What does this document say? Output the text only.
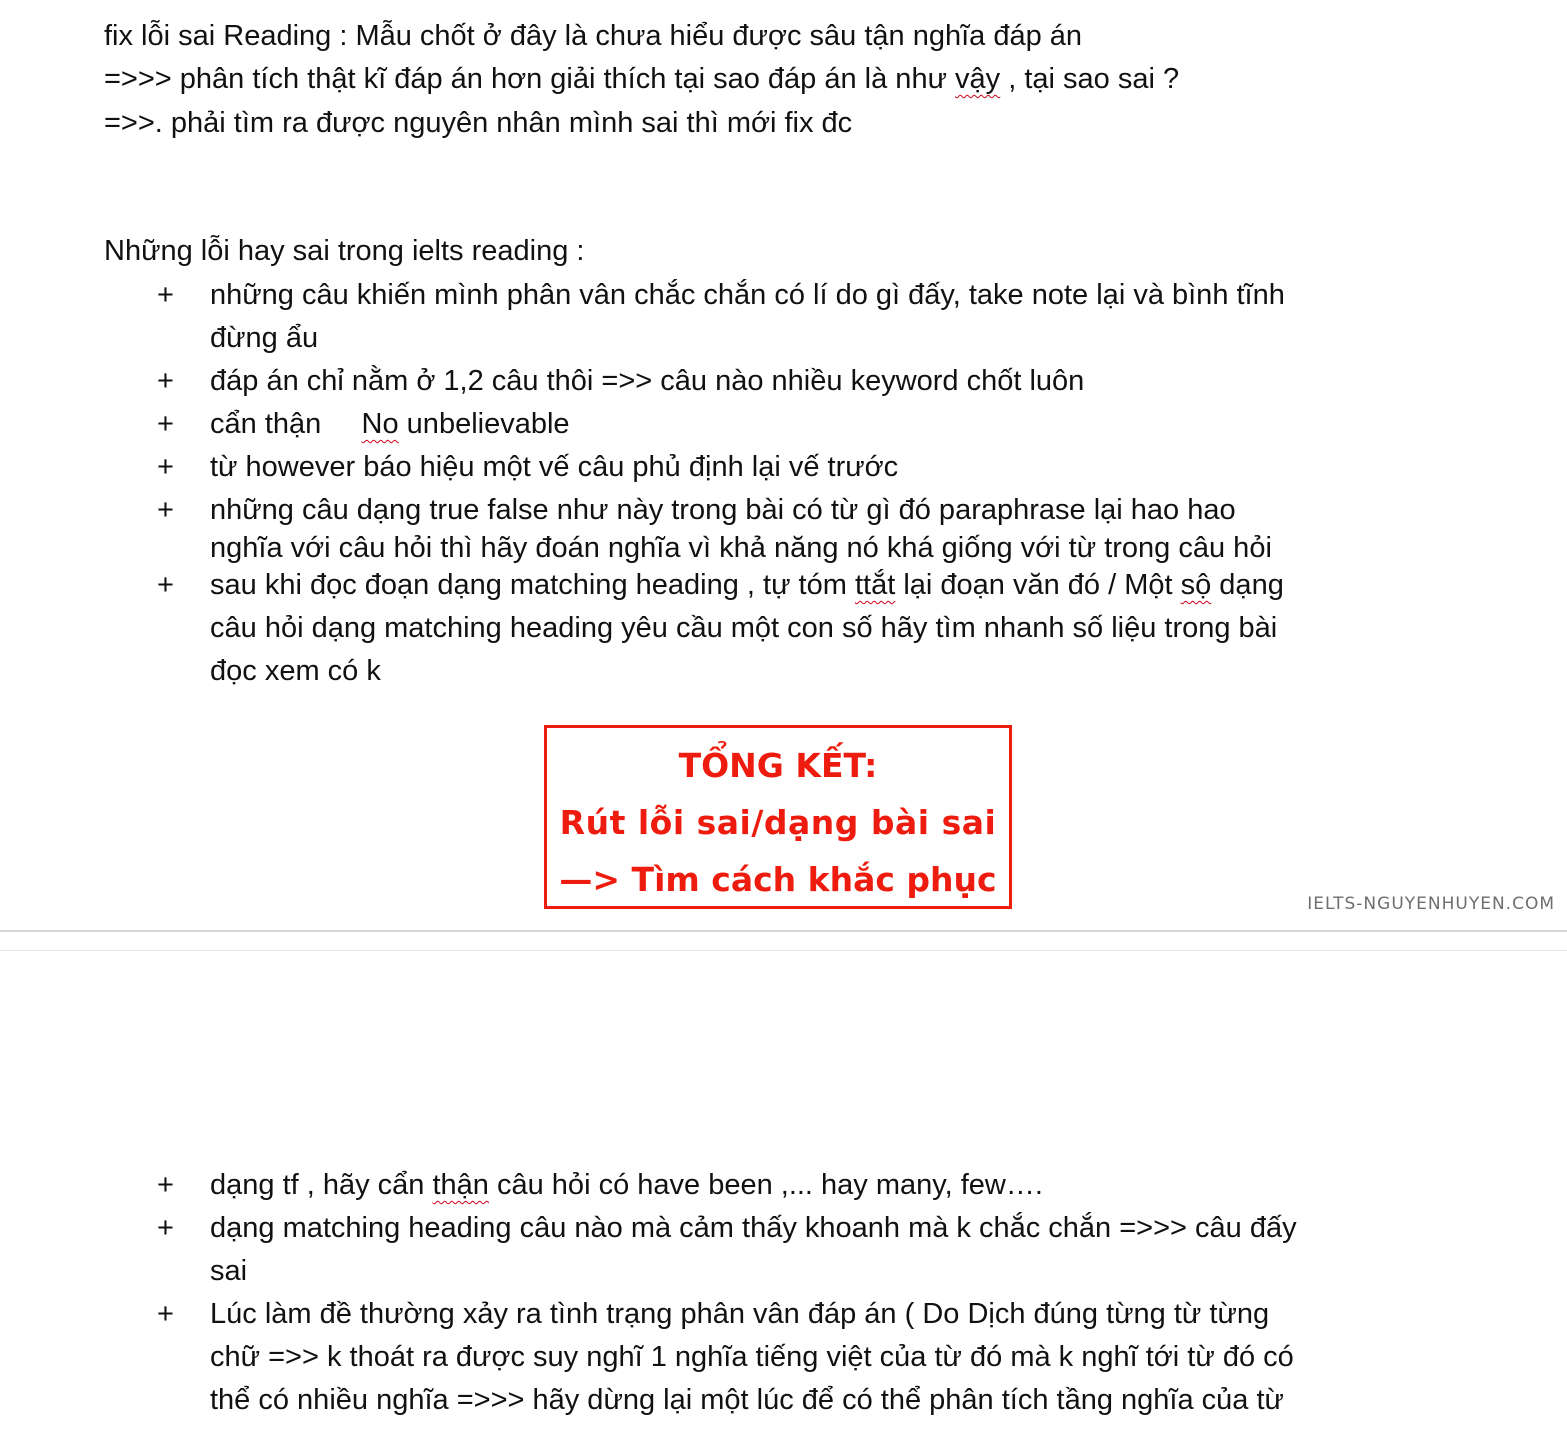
fix lỗi sai Reading : Mẫu chốt ở đây là chưa hiểu được sâu tận nghĩa đáp án
=>>> phân tích thật kĩ đáp án hơn giải thích tại sao đáp án là như vậy , tại sao sai ?
=>>. phải tìm ra được nguyên nhân mình sai thì mới fix đc
Những lỗi hay sai trong ielts reading :
+ những câu khiến mình phân vân chắc chắn có lí do gì đấy, take note lại và bình tĩnh
đừng ẩu
+ đáp án chỉ nằm ở 1,2 câu thôi =>> câu nào nhiều keyword chốt luôn
+ cẩn thận     No unbelievable
+ từ however báo hiệu một vế câu phủ định lại vế trước
+ những câu dạng true false như này trong bài có từ gì đó paraphrase lại hao hao
nghĩa với câu hỏi thì hãy đoán nghĩa vì khả năng nó khá giống với từ trong câu hỏi
+ sau khi đọc đoạn dạng matching heading , tự tóm ttắt lại đoạn văn đó / Một sộ dạng
câu hỏi dạng matching heading yêu cầu một con số hãy tìm nhanh số liệu trong bài
đọc xem có k
TỔNG KẾT:
Rút lỗi sai/dạng bài sai
—> Tìm cách khắc phục
IELTS-NGUYENHUYEN.COM
+ dạng tf , hãy cẩn thận câu hỏi có have been ,... hay many, few….
+ dạng matching heading câu nào mà cảm thấy khoanh mà k chắc chắn =>>> câu đấy
sai
+ Lúc làm đề thường xảy ra tình trạng phân vân đáp án ( Do Dịch đúng từng từ từng
chữ =>> k thoát ra được suy nghĩ 1 nghĩa tiếng việt của từ đó mà k nghĩ tới từ đó có
thể có nhiều nghĩa =>>> hãy dừng lại một lúc để có thể phân tích tầng nghĩa của từ
